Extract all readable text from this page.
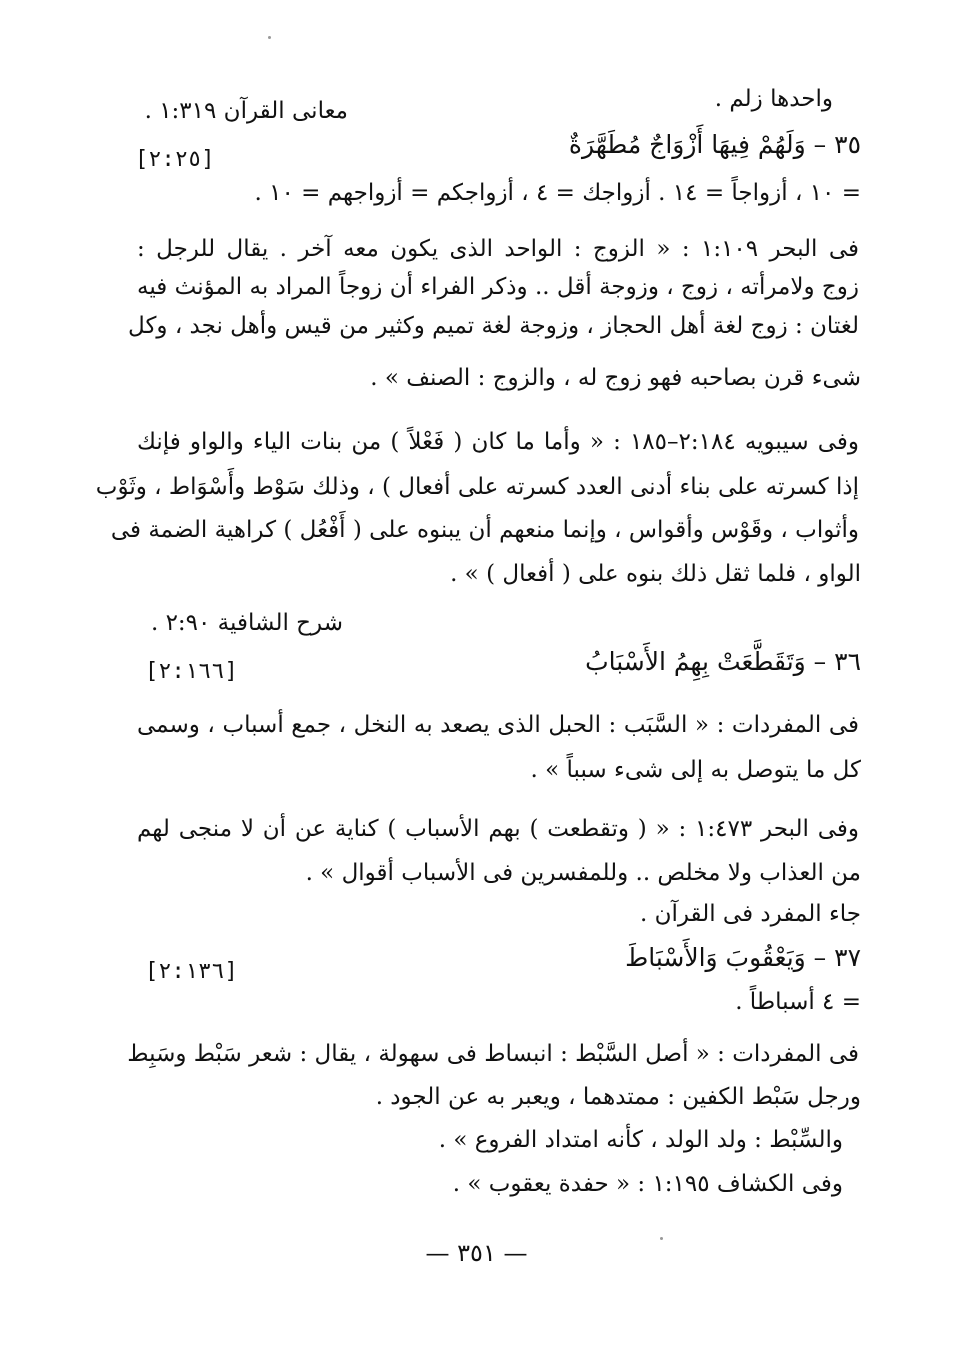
واحدها زلم .
معانى القرآن ١:٣١٩ .
٣٥ – وَلَهُمْ فِيهَا أَزْوَاجٌ مُطَهَّرَةٌ
[٢:٢٥]
= ١٠ ، أزواجاً = ١٤ . أزواجك = ٤ ، أزواجكم = أزواجهم = ١٠ .
فى البحر ١:١٠٩ : « الزوج : الواحد الذى يكون معه آخر . يقال للرجل :
زوج ولامرأته ، زوج ، وزوجة أقل .. وذكر الفراء أن زوجاً المراد به المؤنث فيه
لغتان : زوج لغة أهل الحجاز ، وزوجة لغة تميم وكثير من قيس وأهل نجد ، وكل
شىء قرن بصاحبه فهو زوج له ، والزوج : الصنف » .
وفى سيبويه ٢:١٨٤–١٨٥ : « وأما ما كان ( فَعْلاً ) من بنات الياء والواو فإنك
إذا كسرته على بناء أدنى العدد كسرته على أفعال ) ، وذلك سَوْط وأَسْوَاط ، وثَوْب
وأثواب ، وقَوْس وأقواس ، وإنما منعهم أن يبنوه على ( أَفْعُل ) كراهية الضمة فى
الواو ، فلما ثقل ذلك بنوه على ( أفعال ) » .
شرح الشافية ٢:٩٠ .
٣٦ – وَتَقَطَّعَتْ بِهِمُ الأَسْبَابُ
[٢:١٦٦]
فى المفردات : « السَّبَب : الحبل الذى يصعد به النخل ، جمع أسباب ، وسمى
كل ما يتوصل به إلى شىء سبباً » .
وفى البحر ١:٤٧٣ : « ( وتقطعت ) بهم الأسباب ) كناية عن أن لا منجى لهم
من العذاب ولا مخلص .. وللمفسرين فى الأسباب أقوال » .
جاء المفرد فى القرآن .
٣٧ – وَيَعْقُوبَ وَالأَسْبَاطَ
[٢:١٣٦]
= ٤ أسباطاً .
فى المفردات : « أصل السَّبْط : انبساط فى سهولة ، يقال : شعر سَبْط وسَبِط
ورجل سَبْط الكفين : ممتدهما ، ويعبر به عن الجود .
والسِّبْط : ولد الولد ، كأنه امتداد الفروع » .
وفى الكشاف ١:١٩٥ : « حفدة يعقوب » .
— ٣٥١ —
